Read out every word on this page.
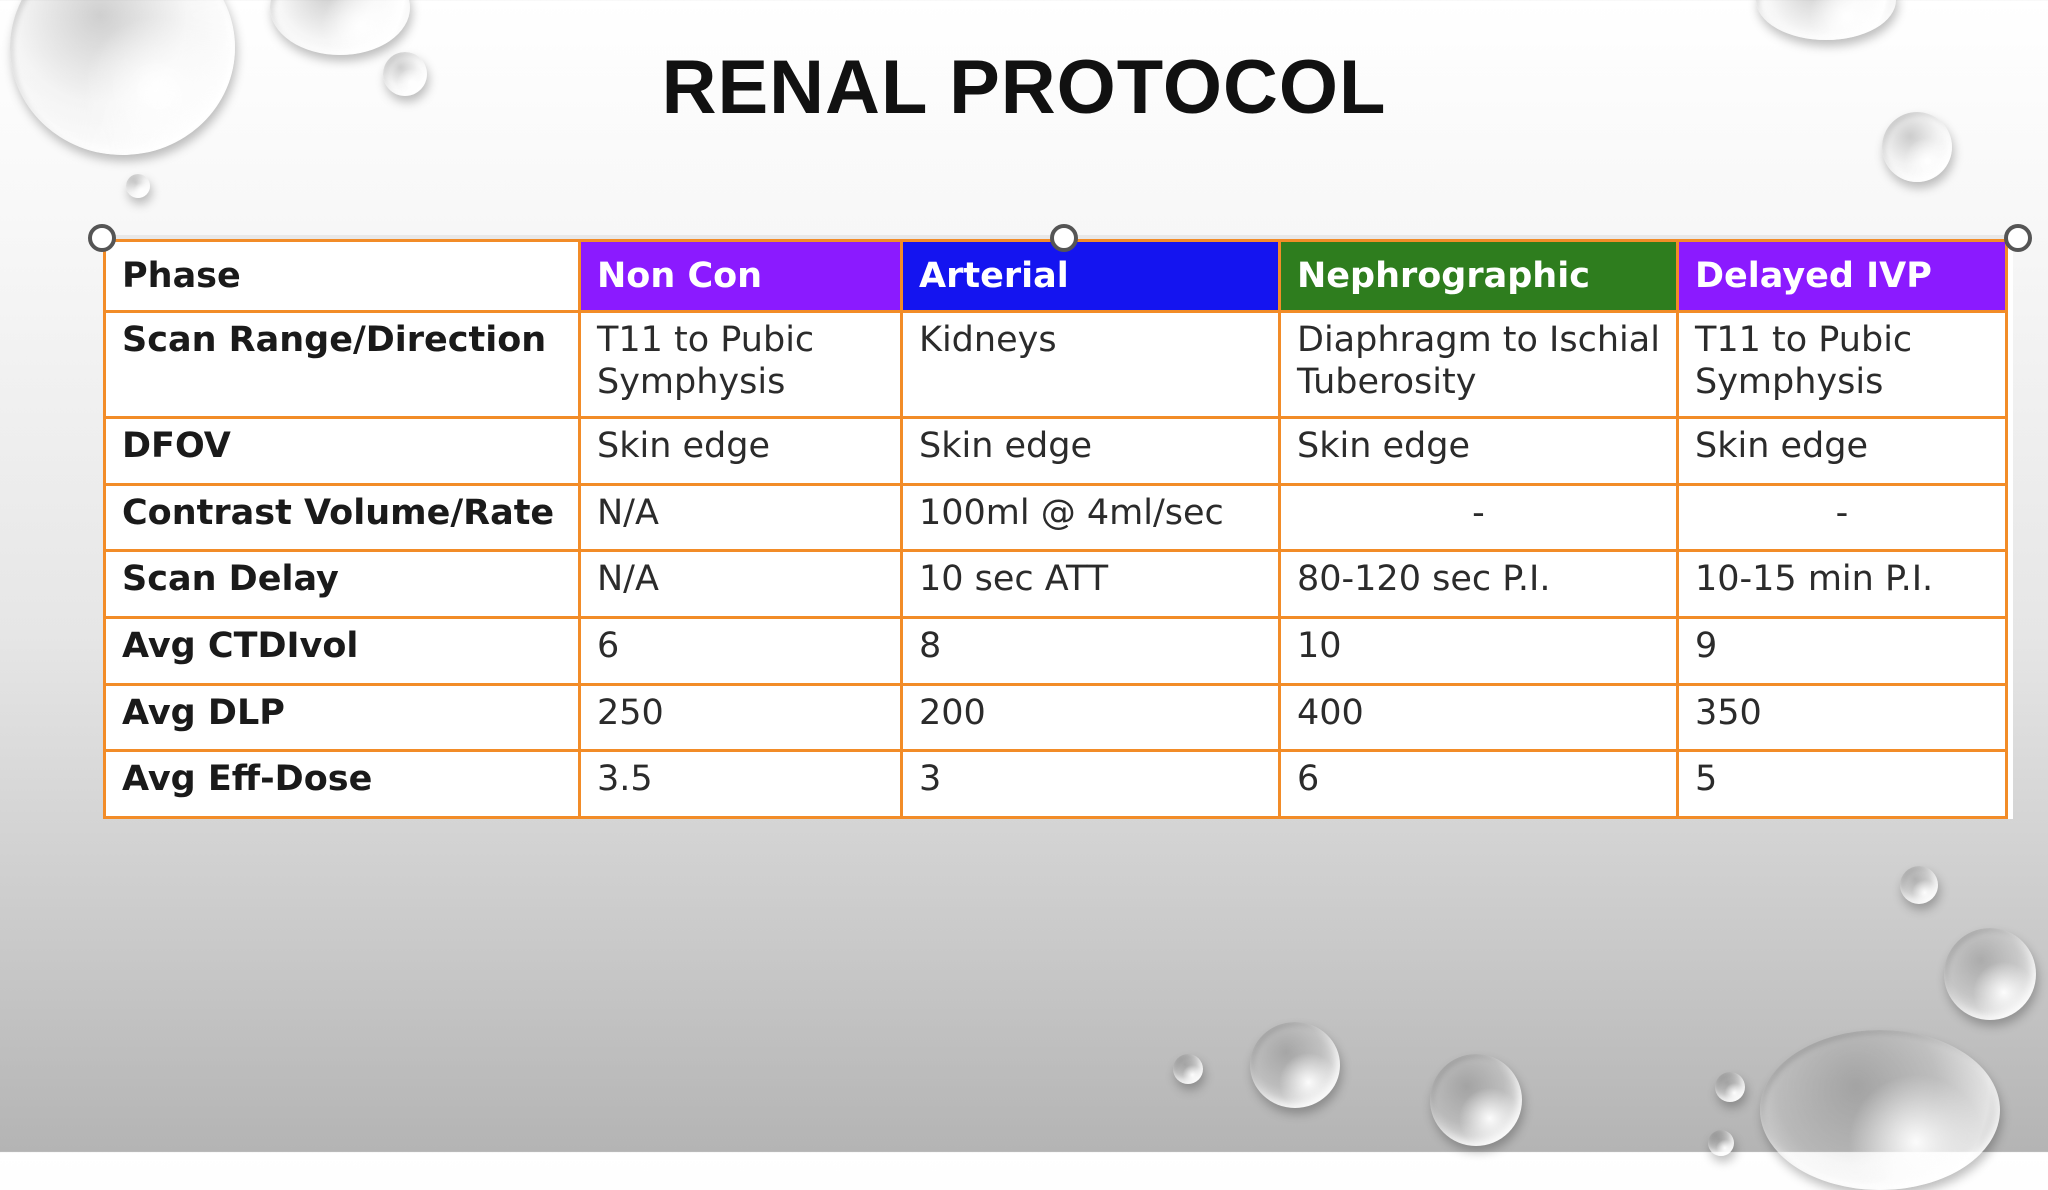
RENAL PROTOCOL
Phase	Non Con	Arterial	Nephrographic	Delayed IVP
Scan Range/Direction	T11 to Pubic Symphysis	Kidneys	Diaphragm to Ischial Tuberosity	T11 to Pubic Symphysis
DFOV	Skin edge	Skin edge	Skin edge	Skin edge
Contrast Volume/Rate	N/A	100ml @ 4ml/sec	-	-
Scan Delay	N/A	10 sec ATT	80-120 sec P.I.	10-15 min P.I.
Avg CTDIvol	6	8	10	9
Avg DLP	250	200	400	350
Avg Eff-Dose	3.5	3	6	5
